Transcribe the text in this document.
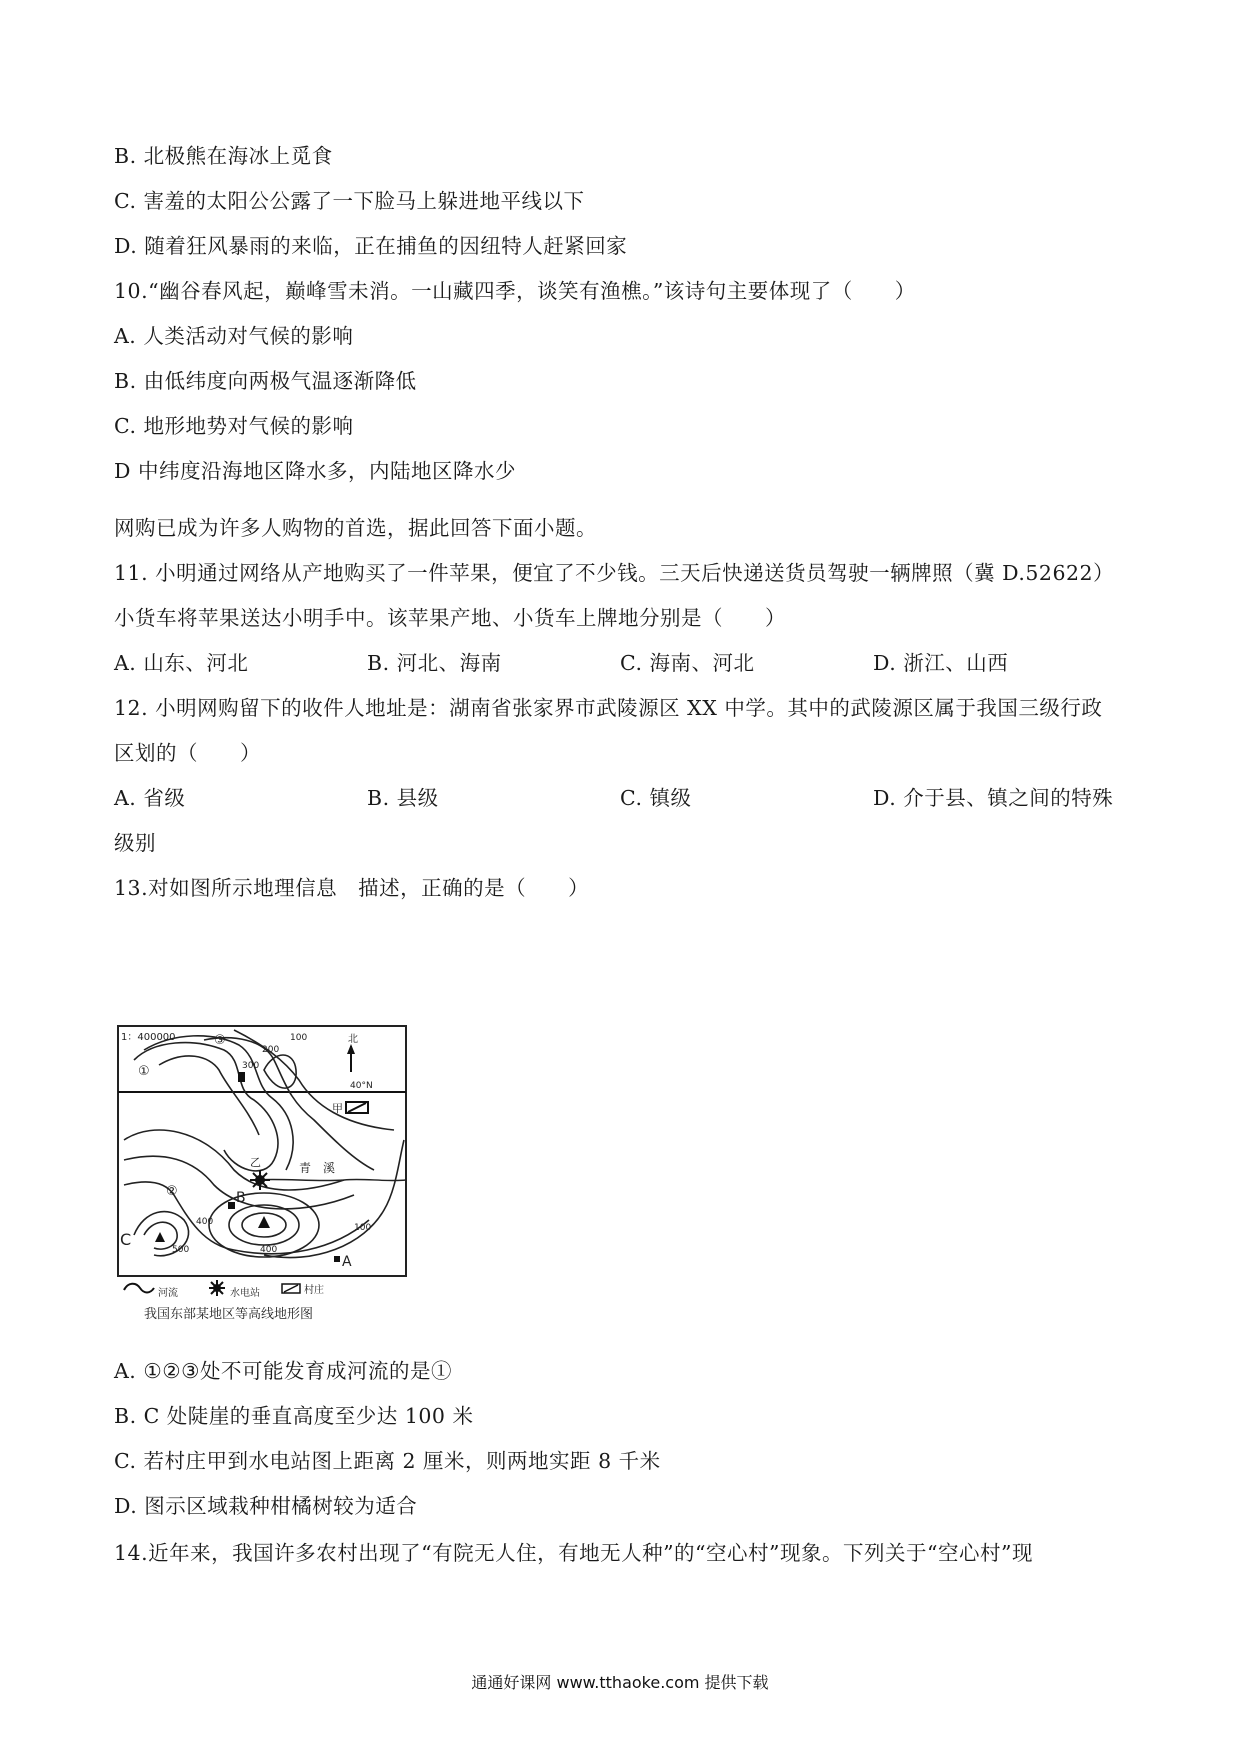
B. 北极熊在海冰上觅食
C. 害羞的太阳公公露了一下脸马上躲进地平线以下
D. 随着狂风暴雨的来临，正在捕鱼的因纽特人赶紧回家
10.“幽谷春风起，巅峰雪未消。一山藏四季，谈笑有渔樵。”该诗句主要体现了（　　）
A. 人类活动对气候的影响
B. 由低纬度向两极气温逐渐降低
C. 地形地势对气候的影响
D 中纬度沿海地区降水多，内陆地区降水少
网购已成为许多人购物的首选，据此回答下面小题。
11. 小明通过网络从产地购买了一件苹果，便宜了不少钱。三天后快递送货员驾驶一辆牌照（冀 D.52622）
小货车将苹果送达小明手中。该苹果产地、小货车上牌地分别是（　　）
A. 山东、河北	B. 河北、海南	C. 海南、河北	D. 浙江、山西
12. 小明网购留下的收件人地址是：湖南省张家界市武陵源区 XX 中学。其中的武陵源区属于我国三级行政
区划的（　　）
A. 省级	B. 县级	C. 镇级	D. 介于县、镇之间的特殊
级别
13.对如图所示地理信息　描述，正确的是（　　）
1：400000
40°N
北
甲
青　溪
乙
B
C
A
③
①
②
100
200
300
400
500	400
100
河流	水电站	村庄
我国东部某地区等高线地形图
A. ①②③处不可能发育成河流的是①
B. C 处陡崖的垂直高度至少达 100 米
C. 若村庄甲到水电站图上距离 2 厘米，则两地实距 8 千米
D. 图示区域栽种柑橘树较为适合
14.近年来，我国许多农村出现了“有院无人住，有地无人种”的“空心村”现象。下列关于“空心村”现
通通好课网 www.tthaoke.com 提供下载
